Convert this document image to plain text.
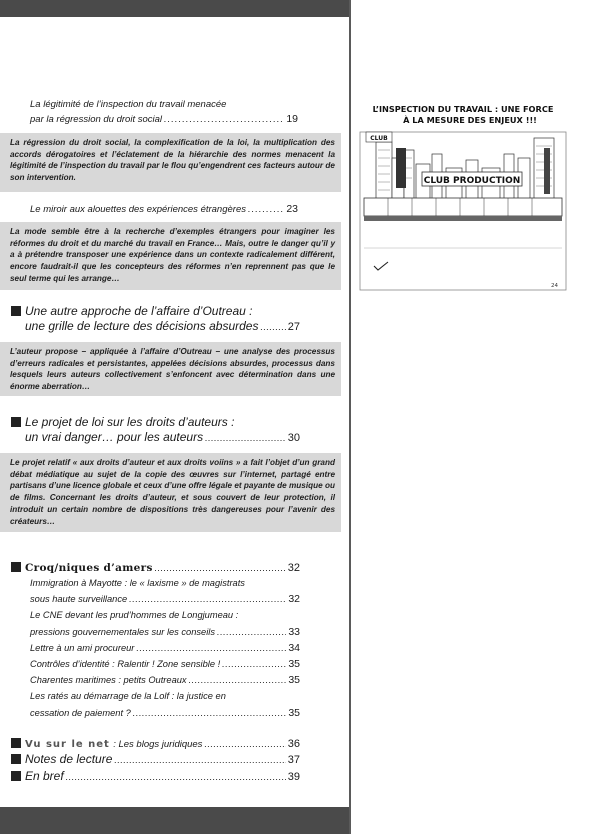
La légitimité de l’inspection du travail menacée
par la régression du droit social .....	19
La régression du droit social, la complexification de la loi, la multiplication des accords dérogatoires et l’éclatement de la hiérarchie des normes menacent la légitimité de l’inspection du travail par le flou qu’engendrent ces facteurs autour de son intervention.
Le miroir aux alouettes des expériences étrangères .....	23
La mode semble être à la recherche d’exemples étrangers pour imaginer les réformes du droit et du marché du travail en France… Mais, outre le danger qu’il y a à prétendre transposer une expérience dans un contexte radicalement différent, encore faudrait-il que les concepteurs des réformes n’en reprennent pas que le seul terme qui les arrange…
Une autre approche de l’affaire d’Outreau :
une grille de lecture des décisions absurdes .....	27
L’auteur propose – appliquée à l’affaire d’Outreau – une analyse des processus d’erreurs radicales et persistantes, appelées décisions absurdes, processus dans lesquels leurs auteurs collectivement s’enfoncent avec détermination dans une énorme aberration…
Le projet de loi sur les droits d’auteurs :
un vrai danger… pour les auteurs .....	30
Le projet relatif « aux droits d’auteur et aux droits voiins » a fait l’objet d’un grand débat médiatique au sujet de la copie des œuvres sur l’internet, partagé entre partisans d’une licence globale et ceux d’une offre légale et payante de musique ou de films. Concernant les droits d’auteur, et sous couvert de leur protection, il introduit un certain nombre de dispositions très dangereuses pour l’avenir des créateurs…
Croq/niques d’amers .....	32
Immigration à Mayotte : le « laxisme » de magistrats
sous haute surveillance .....	32
Le CNE devant les prud’hommes de Longjumeau :
pressions gouvernementales sur les conseils .....	33
Lettre à un ami procureur .....	34
Contrôles d’identité : Ralentir ! Zone sensible ! .....	35
Charentes maritimes : petits Outreaux .....	35
Les ratés au démarrage de la Lolf : la justice en
cessation de paiement ? .....	35
Vu sur le net : Les blogs juridiques .....	36
Notes de lecture .....	37
En bref .....	39
L’INSPECTION DU TRAVAIL : UNE FORCE
À LA MESURE DES ENJEUX !!!
CLUB
CLUB PRODUCTION
24
